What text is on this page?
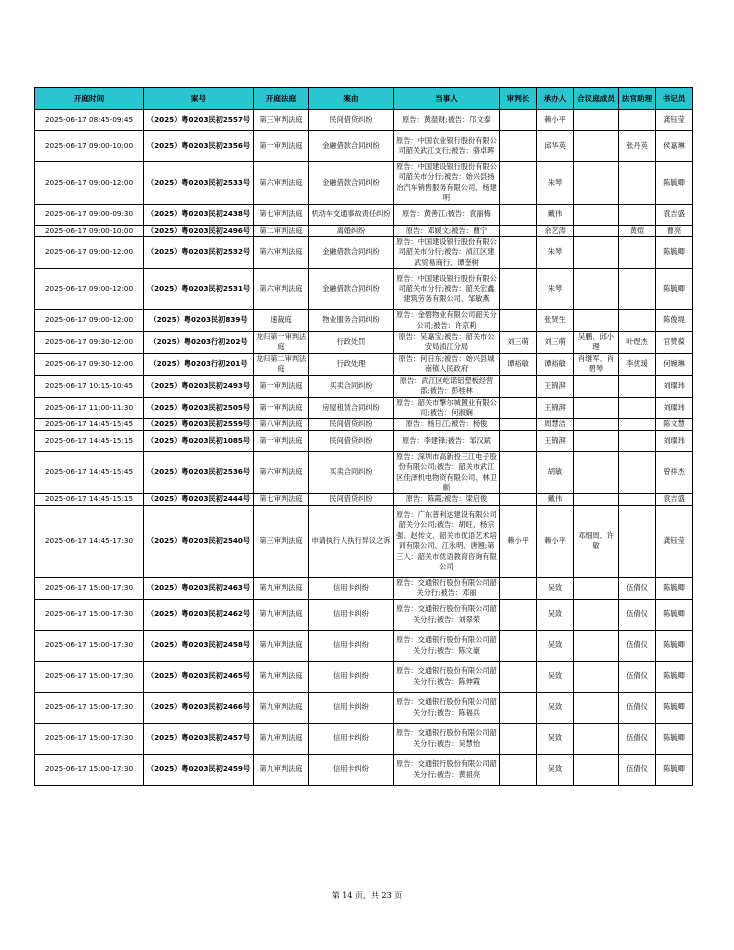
开庭时间	案号	开庭法庭	案由	当事人	审判长	承办人	合议庭成员	法官助理	书记员
2025-06-17 08:45-09:45	（2025）粤0203民初2557号	第三审判法庭	民间借贷纠纷	原告：黄湿财;被告：邝文泰		赖小平			龚钰莹
2025-06-17 09:00-10:00	（2025）粤0203民初2356号	第一审判法庭	金融借款合同纠纷	原告：中国农业银行股份有限公司韶关武江支行;被告：骆卓晖		邱华英		张丹英	侯嘉琳
2025-06-17 09:00-12:00	（2025）粤0203民初2533号	第六审判法庭	金融借款合同纠纷	原告：中国建设银行股份有限公司韶关市分行;被告：始兴县扬冶汽车销售服务有限公司、杨建明		朱琴			陈毓卿
2025-06-17 09:00-09:30	（2025）粤0203民初2438号	第七审判法庭	机动车交通事故责任纠纷	原告：黄善江;被告：袁丽梅		戴伟			袁吉盛
2025-06-17 09:00-10:00	（2025）粤0203民初2496号	第二审判法庭	离婚纠纷	原告：邓媛文;被告：曹宁		余艺涛		黄煊	曹亮
2025-06-17 09:00-12:00	（2025）粤0203民初2532号	第六审判法庭	金融借款合同纠纷	原告：中国建设银行股份有限公司韶关市分行;被告：浈江区建武贸易商行、谭奎树		朱琴			陈毓卿
2025-06-17 09:00-12:00	（2025）粤0203民初2531号	第六审判法庭	金融借款合同纠纷	原告：中国建设银行股份有限公司韶关市分行;被告：韶关宏鑫建筑劳务有限公司、邹敏燕		朱琴			陈毓卿
2025-06-17 09:00-12:00	（2025）粤0203民初839号	速裁庭	物业服务合同纠纷	原告：金碧物业有限公司韶关分公司;被告：许京莉		张贤生			陈俊堤
2025-06-17 09:30-12:00	（2025）粤0203行初202号	龙归第一审判法庭	行政处罚	原告：吴嘉宝;被告：韶关市公安局浈江分局	刘三萌	刘三萌	吴鹏、邱小理	叶煜杰	官赞葆
2025-06-17 09:30-12:00	（2025）粤0203行初201号	龙归第二审判法庭	行政处理	原告：何日东;被告：始兴县城南镇人民政府	谭裕敏	谭裕敏	肖继军、肖碧琴	李优瑗	何婉琳
2025-06-17 10:15-10:45	（2025）粤0203民初2493号	第一审判法庭	买卖合同纠纷	原告：武江区屹诺铝塑板经营部;被告：彭桂林		王锦湃			刘璨玮
2025-06-17 11:00-11:30	（2025）粤0203民初2505号	第一审判法庭	房屋租赁合同纠纷	原告：韶关市擎尔城置业有限公司;被告：何淑娴		王锦湃			刘璨玮
2025-06-17 14:45-15:45	（2025）粤0203民初2559号	第八审判法庭	民间借贷纠纷	原告：杨日江;被告：杨俊		周慧洁			陈文慧
2025-06-17 14:45-15:15	（2025）粤0203民初1085号	第一审判法庭	民间借贷纠纷	原告：李建锋;被告：邹汉斌		王锦湃			刘璨玮
2025-06-17 14:45-15:45	（2025）粤0203民初2536号	第六审判法庭	买卖合同纠纷	原告：深圳市高新投三江电子股份有限公司;被告：韶关市武江区佳泽机电物资有限公司、林卫顺		胡敏			曾祥杰
2025-06-17 14:45-15:15	（2025）粤0203民初2444号	第七审判法庭	民间借贷纠纷	原告：陈霞;被告：梁启俊		戴伟			袁吉盛
2025-06-17 14:45-17:30	（2025）粤0203民初2540号	第三审判法庭	申请执行人执行异议之诉	原告：广东普利达建设有限公司韶关分公司;被告：胡旺、杨宗强、赵传文、韶关市优语艺术培训有限公司、江永明、唐翘;第三人：韶关市优语教育咨询有限公司	赖小平	赖小平	邓细周、许敏		龚钰莹
2025-06-17 15:00-17:30	（2025）粤0203民初2463号	第九审判法庭	信用卡纠纷	原告：交通银行股份有限公司韶关分行;被告：邓丽		吴致		伍倩仪	陈毓卿
2025-06-17 15:00-17:30	（2025）粤0203民初2462号	第九审判法庭	信用卡纠纷	原告：交通银行股份有限公司韶关分行;被告：刘翠荣		吴致		伍倩仪	陈毓卿
2025-06-17 15:00-17:30	（2025）粤0203民初2458号	第九审判法庭	信用卡纠纷	原告：交通银行股份有限公司韶关分行;被告：陈文豪		吴致		伍倩仪	陈毓卿
2025-06-17 15:00-17:30	（2025）粤0203民初2465号	第九审判法庭	信用卡纠纷	原告：交通银行股份有限公司韶关分行;被告：陈伸霞		吴致		伍倩仪	陈毓卿
2025-06-17 15:00-17:30	（2025）粤0203民初2466号	第九审判法庭	信用卡纠纷	原告：交通银行股份有限公司韶关分行;被告：陈福兵		吴致		伍倩仪	陈毓卿
2025-06-17 15:00-17:30	（2025）粤0203民初2457号	第九审判法庭	信用卡纠纷	原告：交通银行股份有限公司韶关分行;被告：吴慧怡		吴致		伍倩仪	陈毓卿
2025-06-17 15:00-17:30	（2025）粤0203民初2459号	第九审判法庭	信用卡纠纷	原告：交通银行股份有限公司韶关分行;被告：黄祖亮		吴致		伍倩仪	陈毓卿
第 14 页，共 23 页
